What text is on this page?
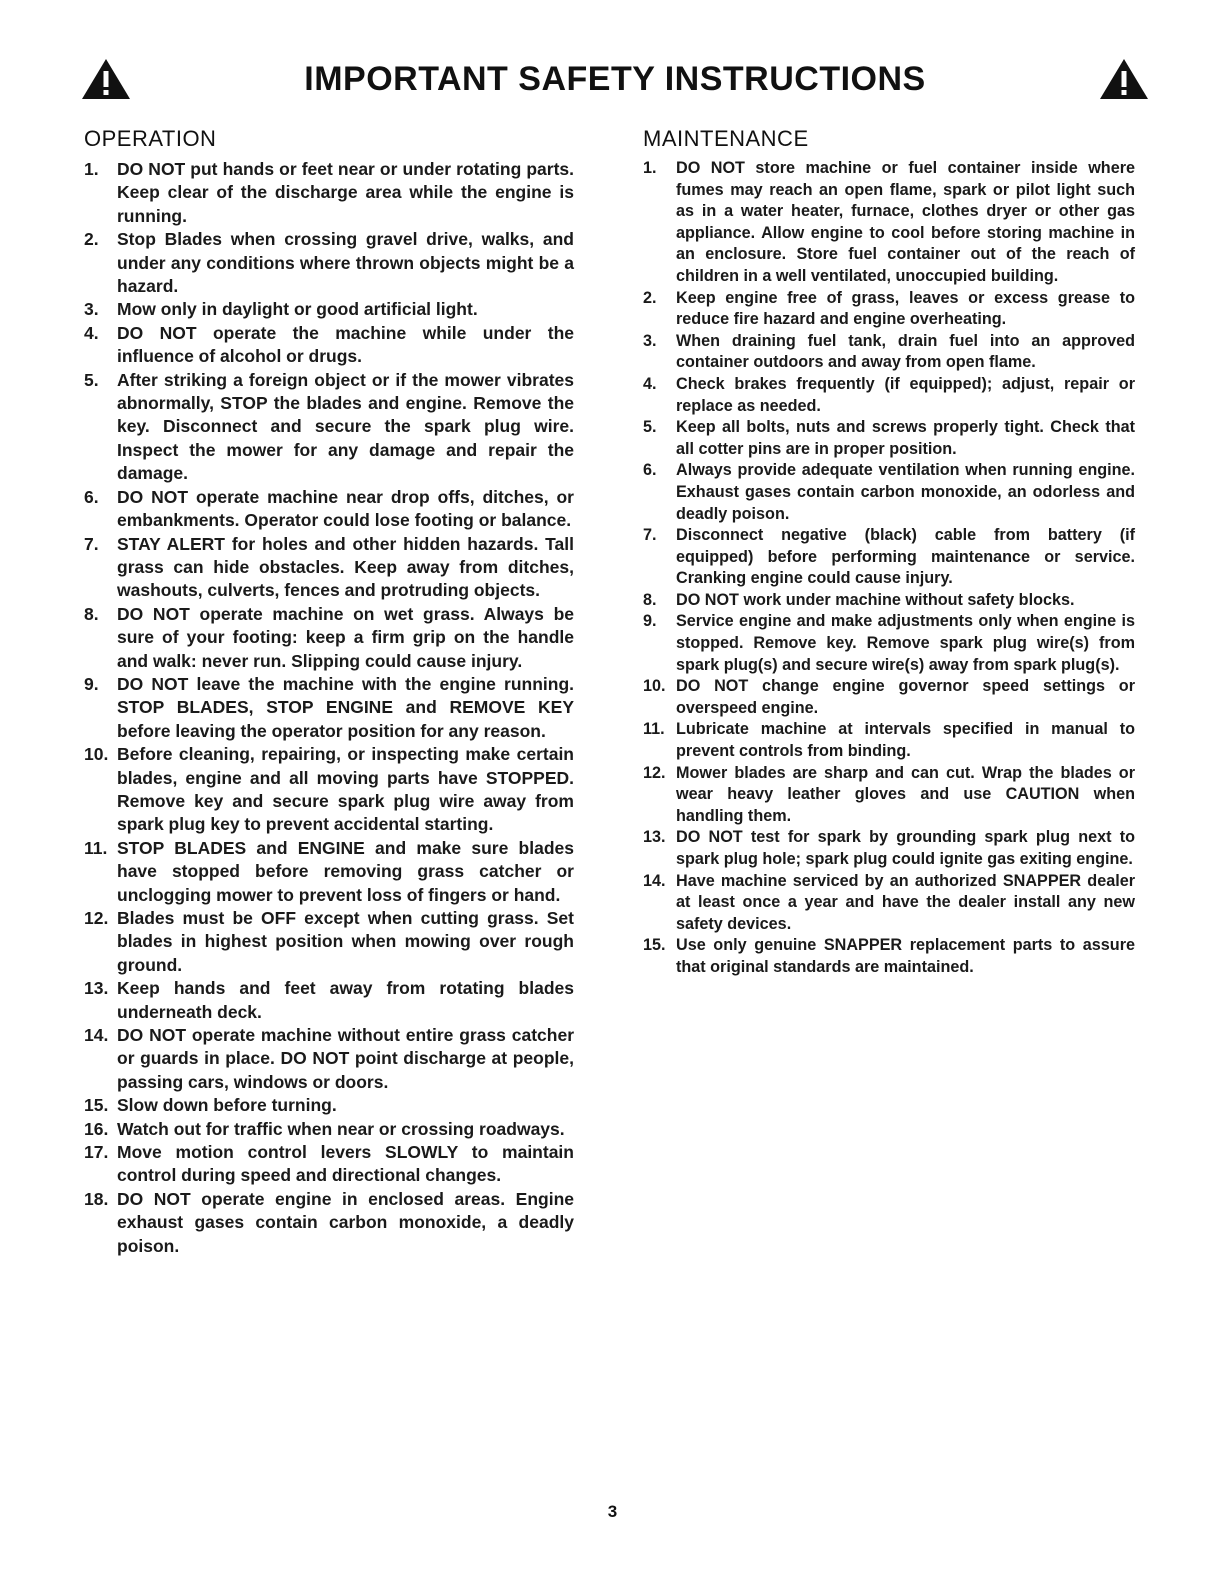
IMPORTANT SAFETY INSTRUCTIONS
OPERATION
1. DO NOT put hands or feet near or under rotating parts. Keep clear of the discharge area while the engine is running.
2. Stop Blades when crossing gravel drive, walks, and under any conditions where thrown objects might be a hazard.
3. Mow only in daylight or good artificial light.
4. DO NOT operate the machine while under the influence of alcohol or drugs.
5. After striking a foreign object or if the mower vibrates abnormally, STOP the blades and engine. Remove the key. Disconnect and secure the spark plug wire. Inspect the mower for any damage and repair the damage.
6. DO NOT operate machine near drop offs, ditches, or embankments. Operator could lose footing or balance.
7. STAY ALERT for holes and other hidden hazards. Tall grass can hide obstacles. Keep away from ditches, washouts, culverts, fences and protruding objects.
8. DO NOT operate machine on wet grass. Always be sure of your footing: keep a firm grip on the handle and walk: never run. Slipping could cause injury.
9. DO NOT leave the machine with the engine running. STOP BLADES, STOP ENGINE and REMOVE KEY before leaving the operator position for any reason.
10. Before cleaning, repairing, or inspecting make certain blades, engine and all moving parts have STOPPED. Remove key and secure spark plug wire away from spark plug key to prevent accidental starting.
11. STOP BLADES and ENGINE and make sure blades have stopped before removing grass catcher or unclogging mower to prevent loss of fingers or hand.
12. Blades must be OFF except when cutting grass. Set blades in highest position when mowing over rough ground.
13. Keep hands and feet away from rotating blades underneath deck.
14. DO NOT operate machine without entire grass catcher or guards in place. DO NOT point discharge at people, passing cars, windows or doors.
15. Slow down before turning.
16. Watch out for traffic when near or crossing roadways.
17. Move motion control levers SLOWLY to maintain control during speed and directional changes.
18. DO NOT operate engine in enclosed areas. Engine exhaust gases contain carbon monoxide, a deadly poison.
MAINTENANCE
1. DO NOT store machine or fuel container inside where fumes may reach an open flame, spark or pilot light such as in a water heater, furnace, clothes dryer or other gas appliance. Allow engine to cool before storing machine in an enclosure. Store fuel container out of the reach of children in a well ventilated, unoccupied building.
2. Keep engine free of grass, leaves or excess grease to reduce fire hazard and engine overheating.
3. When draining fuel tank, drain fuel into an approved container outdoors and away from open flame.
4. Check brakes frequently (if equipped); adjust, repair or replace as needed.
5. Keep all bolts, nuts and screws properly tight. Check that all cotter pins are in proper position.
6. Always provide adequate ventilation when running engine. Exhaust gases contain carbon monoxide, an odorless and deadly poison.
7. Disconnect negative (black) cable from battery (if equipped) before performing maintenance or service. Cranking engine could cause injury.
8. DO NOT work under machine without safety blocks.
9. Service engine and make adjustments only when engine is stopped. Remove key. Remove spark plug wire(s) from spark plug(s) and secure wire(s) away from spark plug(s).
10. DO NOT change engine governor speed settings or overspeed engine.
11. Lubricate machine at intervals specified in manual to prevent controls from binding.
12. Mower blades are sharp and can cut. Wrap the blades or wear heavy leather gloves and use CAUTION when handling them.
13. DO NOT test for spark by grounding spark plug next to spark plug hole; spark plug could ignite gas exiting engine.
14. Have machine serviced by an authorized SNAPPER dealer at least once a year and have the dealer install any new safety devices.
15. Use only genuine SNAPPER replacement parts to assure that original standards are maintained.
3
